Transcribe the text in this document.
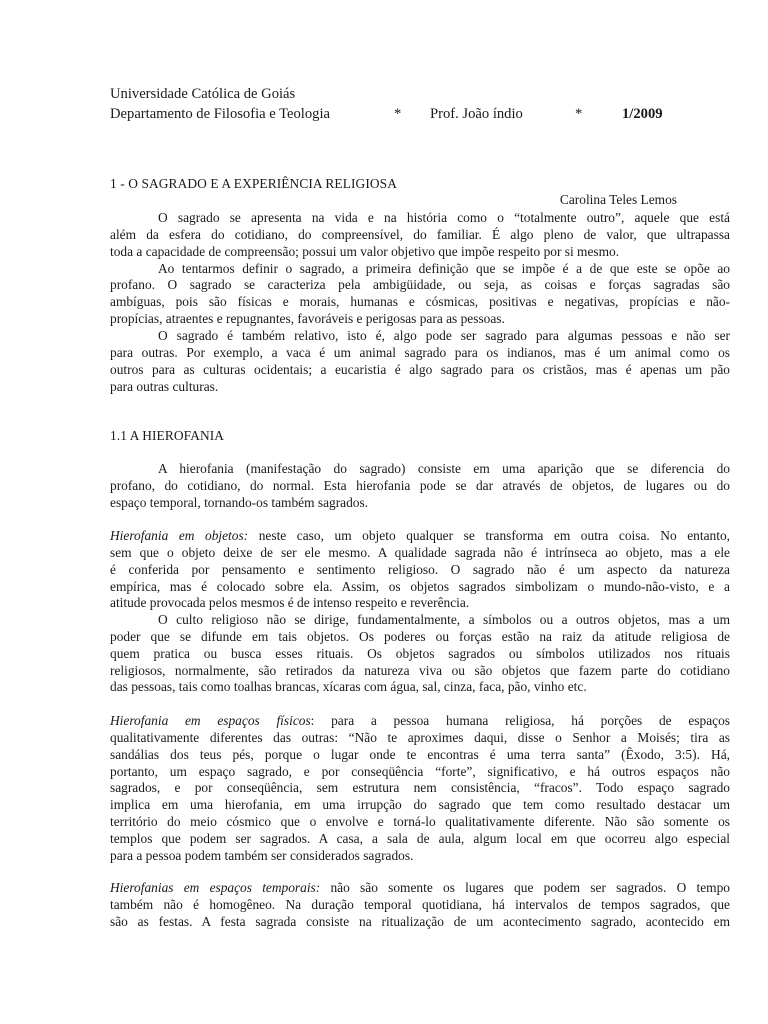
Universidade Católica de Goiás
Departamento de Filosofia e Teologia	* Prof. João índio	*	1/2009
1 - O SAGRADO E A EXPERIÊNCIA RELIGIOSA
Carolina Teles Lemos
O sagrado se apresenta na vida e na história como o “totalmente outro”, aquele que está
além da esfera do cotidiano, do compreensível, do familiar. É algo pleno de valor, que ultrapassa
toda a capacidade de compreensão; possui um valor objetivo que impõe respeito por si mesmo.
Ao tentarmos definir o sagrado, a primeira definição que se impõe é a de que este se opõe ao
profano. O sagrado se caracteriza pela ambigüidade, ou seja, as coisas e forças sagradas são
ambíguas, pois são físicas e morais, humanas e cósmicas, positivas e negativas, propícias e não-
propícias, atraentes e repugnantes, favoráveis e perigosas para as pessoas.
O sagrado é também relativo, isto é, algo pode ser sagrado para algumas pessoas e não ser
para outras. Por exemplo, a vaca é um animal sagrado para os indianos, mas é um animal como os
outros para as culturas ocidentais; a eucaristia é algo sagrado para os cristãos, mas é apenas um pão
para outras culturas.
1.1 A HIEROFANIA
A hierofania (manifestação do sagrado) consiste em uma aparição que se diferencia do
profano, do cotidiano, do normal. Esta hierofania pode se dar através de objetos, de lugares ou do
espaço temporal, tornando-os também sagrados.
Hierofania em objetos: neste caso, um objeto qualquer se transforma em outra coisa. No entanto,
sem que o objeto deixe de ser ele mesmo. A qualidade sagrada não é intrínseca ao objeto, mas a ele
é conferida por pensamento e sentimento religioso. O sagrado não é um aspecto da natureza
empírica, mas é colocado sobre ela. Assim, os objetos sagrados simbolizam o mundo-não-visto, e a
atitude provocada pelos mesmos é de intenso respeito e reverência.
O culto religioso não se dirige, fundamentalmente, a símbolos ou a outros objetos, mas a um
poder que se difunde em tais objetos. Os poderes ou forças estão na raiz da atitude religiosa de
quem pratica ou busca esses rituais. Os objetos sagrados ou símbolos utilizados nos rituais
religiosos, normalmente, são retirados da natureza viva ou são objetos que fazem parte do cotidiano
das pessoas, tais como toalhas brancas, xícaras com água, sal, cinza, faca, pão, vinho etc.
Hierofania em espaços físicos: para a pessoa humana religiosa, há porções de espaços
qualitativamente diferentes das outras: “Não te aproximes daqui, disse o Senhor a Moisés; tira as
sandálias dos teus pés, porque o lugar onde te encontras é uma terra santa” (Êxodo, 3:5). Há,
portanto, um espaço sagrado, e por conseqüência “forte”, significativo, e há outros espaços não
sagrados, e por conseqüência, sem estrutura nem consistência, “fracos”. Todo espaço sagrado
implica em uma hierofania, em uma irrupção do sagrado que tem como resultado destacar um
território do meio cósmico que o envolve e torná-lo qualitativamente diferente. Não são somente os
templos que podem ser sagrados. A casa, a sala de aula, algum local em que ocorreu algo especial
para a pessoa podem também ser considerados sagrados.
Hierofanias em espaços temporais: não são somente os lugares que podem ser sagrados. O tempo
também não é homogêneo. Na duração temporal quotidiana, há intervalos de tempos sagrados, que
são as festas. A festa sagrada consiste na ritualização de um acontecimento sagrado, acontecido em
